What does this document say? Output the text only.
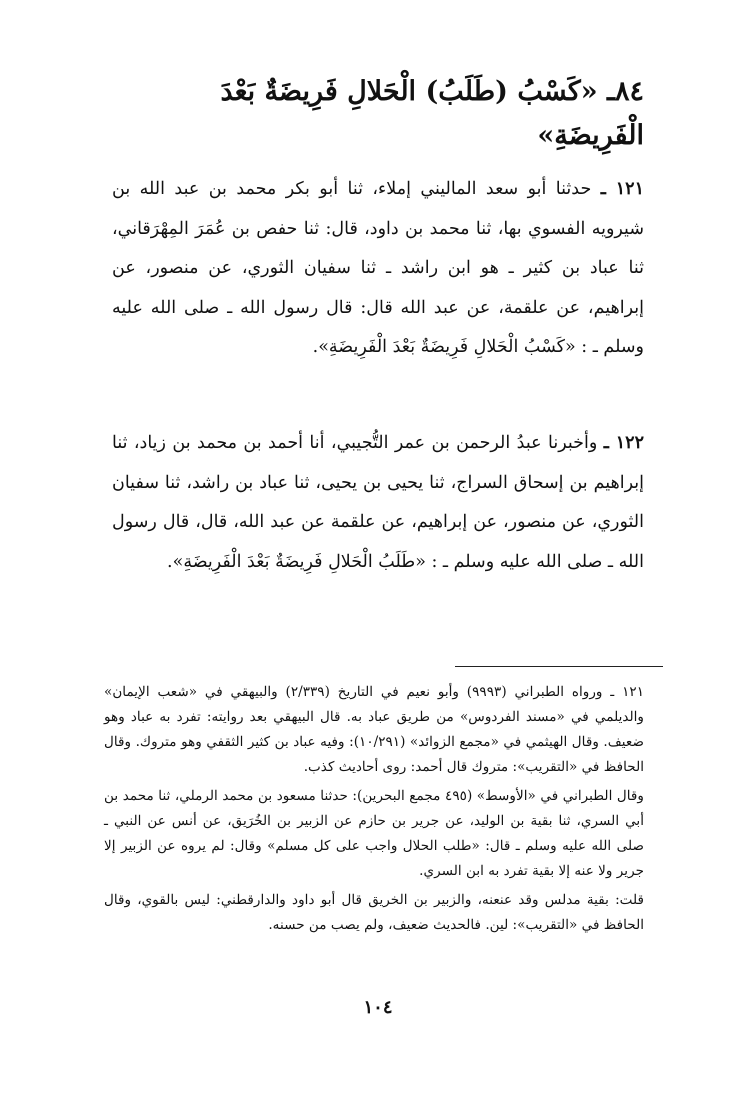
٨٤ـ «كَسْبُ (طَلَبُ) الْحَلالِ فَرِيضَةٌ بَعْدَ الْفَرِيضَةِ»

١٢١ ـ حدثنا أبو سعد الماليني إملاء، ثنا أبو بكر محمد بن عبد الله بن شيرويه الفسوي بها، ثنا محمد بن داود، قال: ثنا حفص بن عُمَرَ المِهْرَقاني، ثنا عباد بن كثير ـ هو ابن راشد ـ ثنا سفيان الثوري، عن منصور، عن إبراهيم، عن علقمة، عن عبد الله قال: قال رسول الله ـ صلى الله عليه وسلم ـ : «كَسْبُ الْحَلالِ فَرِيضَةٌ بَعْدَ الْفَرِيضَةِ».

١٢٢ ـ وأخبرنا عبدُ الرحمن بن عمر التُّجيبي، أنا أحمد بن محمد بن زياد، ثنا إبراهيم بن إسحاق السراج، ثنا يحيى بن يحيى، ثنا عباد بن راشد، ثنا سفيان الثوري، عن منصور، عن إبراهيم، عن علقمة عن عبد الله، قال، قال رسول الله ـ صلى الله عليه وسلم ـ : «طَلَبُ الْحَلالِ فَرِيضَةٌ بَعْدَ الْفَرِيضَةِ».

١٢١ ـ ورواه الطبراني (٩٩٩٣) وأبو نعيم في التاريخ (٢/٣٣٩) والبيهقي في «شعب الإيمان» والديلمي في «مسند الفردوس» من طريق عباد به. قال البيهقي بعد روايته: تفرد به عباد وهو ضعيف. وقال الهيثمي في «مجمع الزوائد» (١٠/٢٩١): وفيه عباد بن كثير الثقفي وهو متروك. وقال الحافظ في «التقريب»: متروك قال أحمد: روى أحاديث كذب.

وقال الطبراني في «الأوسط» (٤٩٥ مجمع البحرين): حدثنا مسعود بن محمد الرملي، ثنا محمد بن أبي السري، ثنا بقية بن الوليد، عن جرير بن حازم عن الزبير بن الخُرَيق، عن أنس عن النبي ـ صلى الله عليه وسلم ـ قال: «طلب الحلال واجب على كل مسلم» وقال: لم يروه عن الزبير إلا جرير ولا عنه إلا بقية تفرد به ابن السري.

قلت: بقية مدلس وقد عنعنه، والزبير بن الخريق قال أبو داود والدارقطني: ليس بالقوي، وقال الحافظ في «التقريب»: لين. فالحديث ضعيف، ولم يصب من حسنه.

١٠٤
